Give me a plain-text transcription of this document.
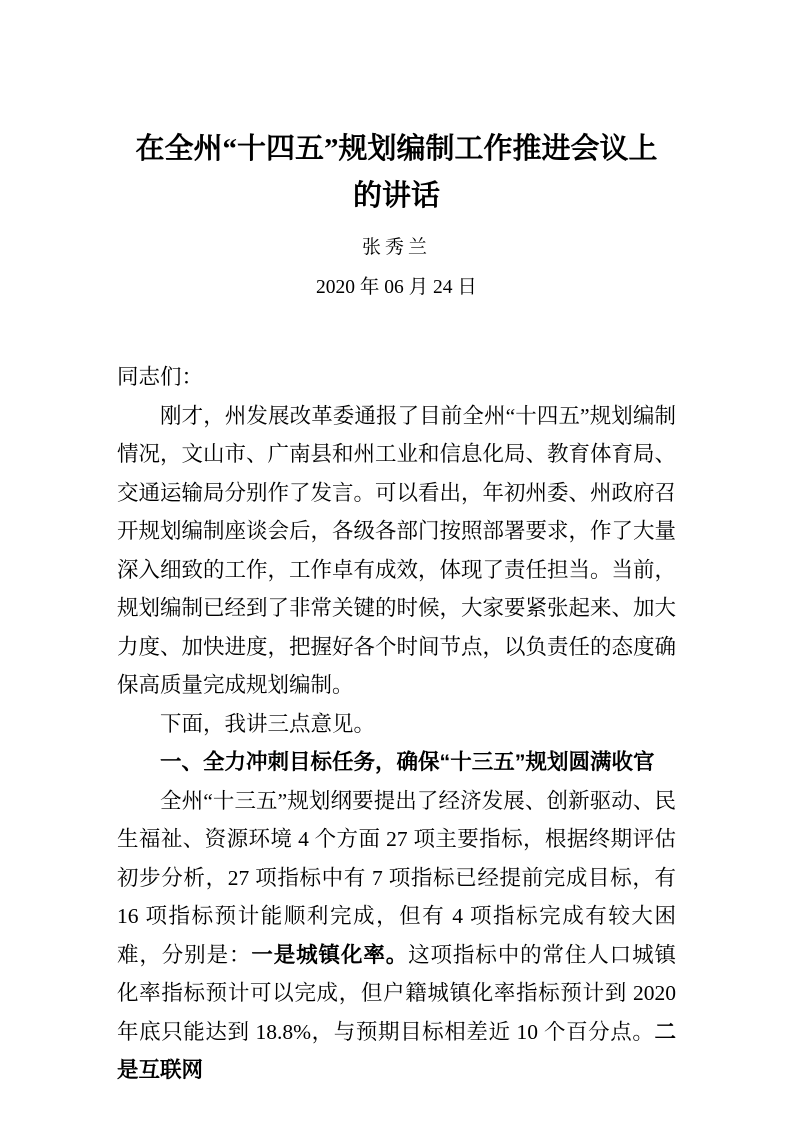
在全州“十四五”规划编制工作推进会议上
的讲话
张秀兰
2020 年 06 月 24 日

同志们：

刚才，州发展改革委通报了目前全州“十四五”规划编制情况，文山市、广南县和州工业和信息化局、教育体育局、交通运输局分别作了发言。可以看出，年初州委、州政府召开规划编制座谈会后，各级各部门按照部署要求，作了大量深入细致的工作，工作卓有成效，体现了责任担当。当前，规划编制已经到了非常关键的时候，大家要紧张起来、加大力度、加快进度，把握好各个时间节点，以负责任的态度确保高质量完成规划编制。

下面，我讲三点意见。

一、全力冲刺目标任务，确保“十三五”规划圆满收官

全州“十三五”规划纲要提出了经济发展、创新驱动、民生福祉、资源环境 4 个方面 27 项主要指标，根据终期评估初步分析，27 项指标中有 7 项指标已经提前完成目标，有 16 项指标预计能顺利完成，但有 4 项指标完成有较大困难，分别是：一是城镇化率。这项指标中的常住人口城镇化率指标预计可以完成，但户籍城镇化率指标预计到 2020 年底只能达到 18.8%，与预期目标相差近 10 个百分点。二是互联网
